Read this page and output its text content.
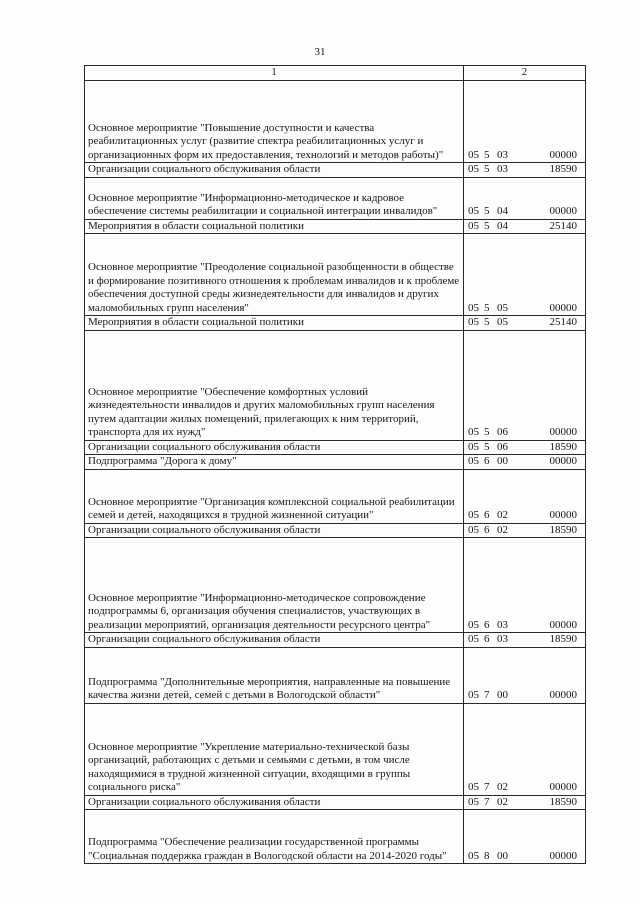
31
1	2
Основное мероприятие "Повышение доступности и качества реабилитационных услуг (развитие спектра реабилитационных услуг и организационных форм их предоставления, технологий и методов работы)"	05 5 03 00000
Организации социального обслуживания области	05 5 03 18590
Основное мероприятие "Информационно-методическое и кадровое обеспечение системы реабилитации и социальной интеграции инвалидов"	05 5 04 00000
Мероприятия в области социальной политики	05 5 04 25140
Основное мероприятие "Преодоление социальной разобщенности в обществе и формирование позитивного отношения к проблемам инвалидов и к проблеме обеспечения доступной среды жизнедеятельности для инвалидов и других маломобильных групп населения"	05 5 05 00000
Мероприятия в области социальной политики	05 5 05 25140
Основное мероприятие "Обеспечение комфортных условий жизнедеятельности инвалидов и других маломобильных групп населения путем адаптации жилых помещений, прилегающих к ним территорий, транспорта для их нужд"	05 5 06 00000
Организации социального обслуживания области	05 5 06 18590
Подпрограмма "Дорога к дому"	05 6 00 00000
Основное мероприятие "Организация комплексной социальной реабилитации семей и детей, находящихся в трудной жизненной ситуации"	05 6 02 00000
Организации социального обслуживания области	05 6 02 18590
Основное мероприятие "Информационно-методическое сопровождение подпрограммы 6, организация обучения специалистов, участвующих в реализации мероприятий, организация деятельности ресурсного центра"	05 6 03 00000
Организации социального обслуживания области	05 6 03 18590
Подпрограмма "Дополнительные мероприятия, направленные на повышение качества жизни детей, семей с детьми в Вологодской области"	05 7 00 00000
Основное мероприятие "Укрепление материально-технической базы организаций, работающих с детьми и семьями с детьми, в том числе находящимися в трудной жизненной ситуации, входящими в группы социального риска"	05 7 02 00000
Организации социального обслуживания области	05 7 02 18590
Подпрограмма "Обеспечение реализации государственной программы "Социальная поддержка граждан в Вологодской области на 2014-2020 годы"	05 8 00 00000
